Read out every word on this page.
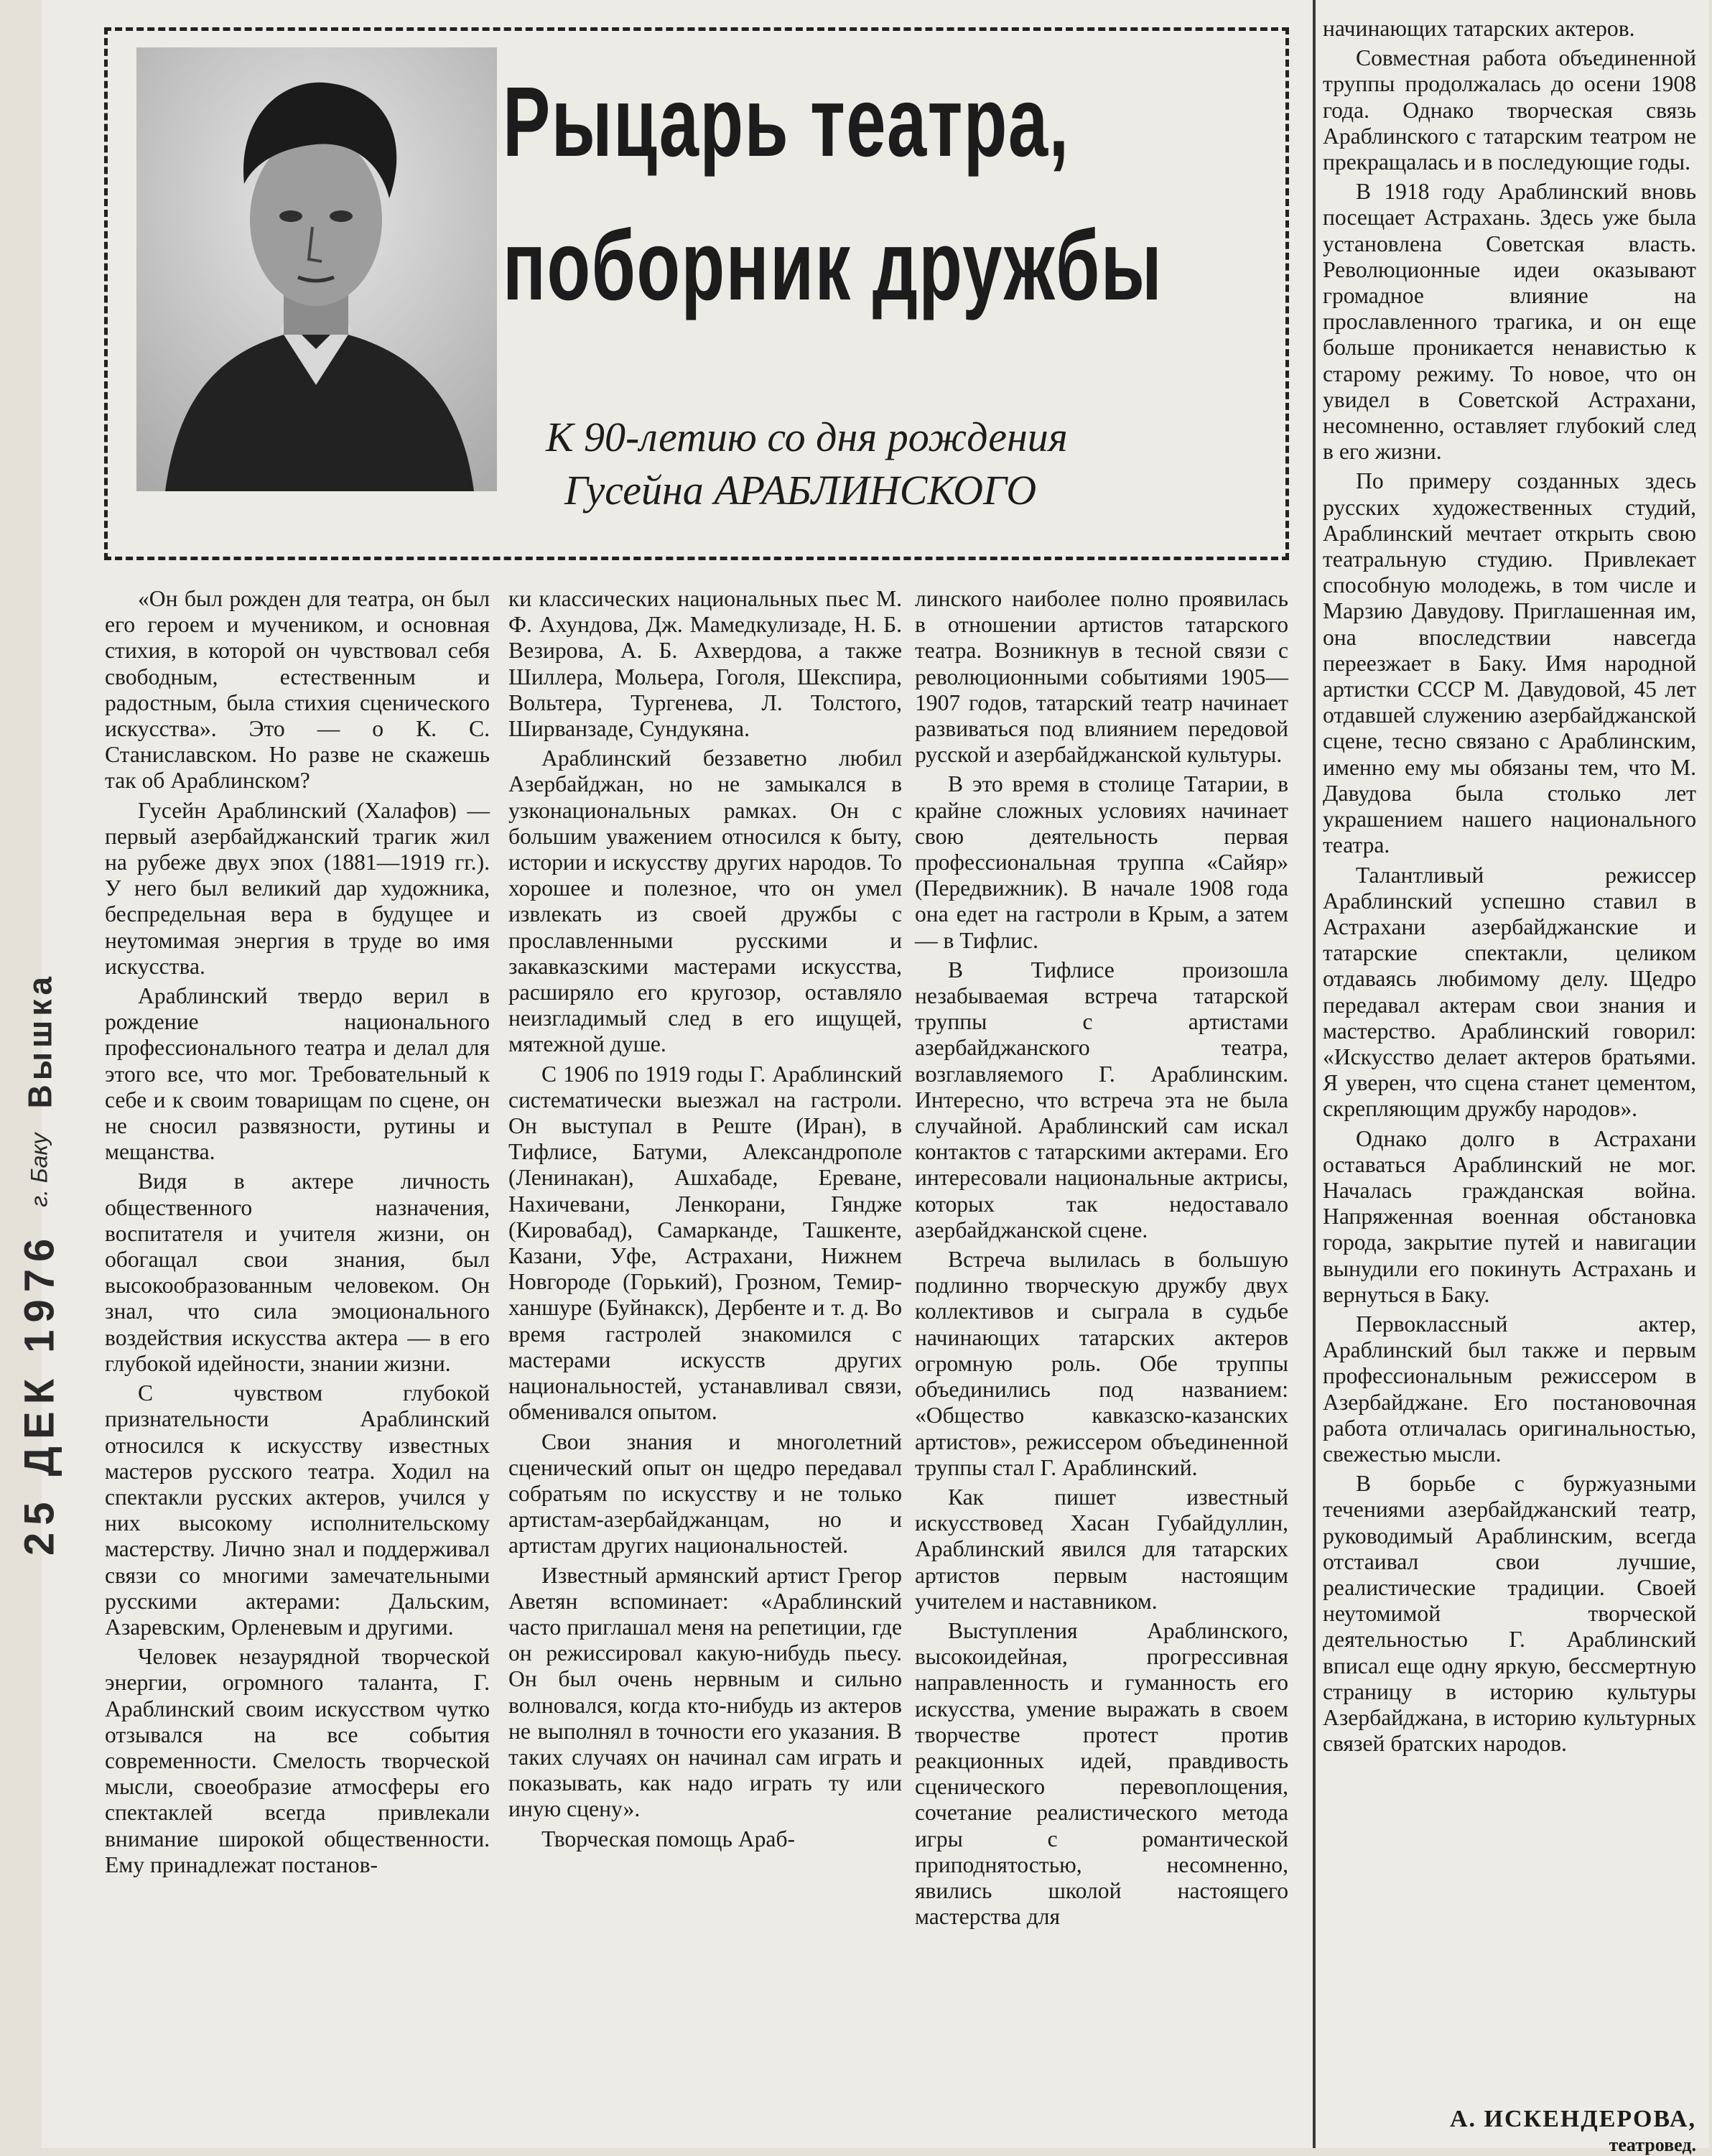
25 ДЕК 1976
г. Баку
Вышка
Рыцарь театра,
поборник дружбы
К 90-летию со дня рождения
Гусейна АРАБЛИНСКОГО

«Он был рожден для театра, он был его героем и мучеником, и основная стихия, в которой он чувствовал себя свободным, естественным и радостным, была стихия сценического искусства». Это — о К. С. Станиславском. Но разве не скажешь так об Араблинском?

Гусейн Араблинский (Халафов) — первый азербайджанский трагик жил на рубеже двух эпох (1881—1919 гг.). У него был великий дар художника, беспредельная вера в будущее и неутомимая энергия в труде во имя искусства.

Араблинский твердо верил в рождение национального профессионального театра и делал для этого все, что мог. Требовательный к себе и к своим товарищам по сцене, он не сносил развязности, рутины и мещанства.

Видя в актере личность общественного назначения, воспитателя и учителя жизни, он обогащал свои знания, был высокообразованным человеком. Он знал, что сила эмоционального воздействия искусства актера — в его глубокой идейности, знании жизни.

С чувством глубокой признательности Араблинский относился к искусству известных мастеров русского театра. Ходил на спектакли русских актеров, учился у них высокому исполнительскому мастерству. Лично знал и поддерживал связи со многими замечательными русскими актерами: Дальским, Азаревским, Орленевым и другими.

Человек незаурядной творческой энергии, огромного таланта, Г. Араблинский своим искусством чутко отзывался на все события современности. Смелость творческой мысли, своеобразие атмосферы его спектаклей всегда привлекали внимание широкой общественности. Ему принадлежат постанов-

ки классических национальных пьес М. Ф. Ахундова, Дж. Мамедкулизаде, Н. Б. Везирова, А. Б. Ахвердова, а также Шиллера, Мольера, Гоголя, Шекспира, Вольтера, Тургенева, Л. Толстого, Ширванзаде, Сундукяна.

Араблинский беззаветно любил Азербайджан, но не замыкался в узконациональных рамках. Он с большим уважением относился к быту, истории и искусству других народов. То хорошее и полезное, что он умел извлекать из своей дружбы с прославленными русскими и закавказскими мастерами искусства, расширяло его кругозор, оставляло неизгладимый след в его ищущей, мятежной душе.

С 1906 по 1919 годы Г. Араблинский систематически выезжал на гастроли. Он выступал в Реште (Иран), в Тифлисе, Батуми, Александрополе (Ленинакан), Ашхабаде, Ереване, Нахичевани, Ленкорани, Гяндже (Кировабад), Самарканде, Ташкенте, Казани, Уфе, Астрахани, Нижнем Новгороде (Горький), Грозном, Темир-ханшуре (Буйнакск), Дербенте и т. д. Во время гастролей знакомился с мастерами искусств других национальностей, устанавливал связи, обменивался опытом.

Свои знания и многолетний сценический опыт он щедро передавал собратьям по искусству и не только артистам-азербайджанцам, но и артистам других национальностей.

Известный армянский артист Грегор Аветян вспоминает: «Араблинский часто приглашал меня на репетиции, где он режиссировал какую-нибудь пьесу. Он был очень нервным и сильно волновался, когда кто-нибудь из актеров не выполнял в точности его указания. В таких случаях он начинал сам играть и показывать, как надо играть ту или иную сцену».

Творческая помощь Араб-

линского наиболее полно проявилась в отношении артистов татарского театра. Возникнув в тесной связи с революционными событиями 1905—1907 годов, татарский театр начинает развиваться под влиянием передовой русской и азербайджанской культуры.

В это время в столице Татарии, в крайне сложных условиях начинает свою деятельность первая профессиональная труппа «Сайяр» (Передвижник). В начале 1908 года она едет на гастроли в Крым, а затем — в Тифлис.

В Тифлисе произошла незабываемая встреча татарской труппы с артистами азербайджанского театра, возглавляемого Г. Араблинским. Интересно, что встреча эта не была случайной. Араблинский сам искал контактов с татарскими актерами. Его интересовали национальные актрисы, которых так недоставало азербайджанской сцене.

Встреча вылилась в большую подлинно творческую дружбу двух коллективов и сыграла в судьбе начинающих татарских актеров огромную роль. Обе труппы объединились под названием: «Общество кавказско-казанских артистов», режиссером объединенной труппы стал Г. Араблинский.

Как пишет известный искусствовед Хасан Губайдуллин, Араблинский явился для татарских артистов первым настоящим учителем и наставником.

Выступления Араблинского, высокоидейная, прогрессивная направленность и гуманность его искусства, умение выражать в своем творчестве протест против реакционных идей, правдивость сценического перевоплощения, сочетание реалистического метода игры с романтической приподнятостью, несомненно, явились школой настоящего мастерства для

начинающих татарских актеров.

Совместная работа объединенной труппы продолжалась до осени 1908 года. Однако творческая связь Араблинского с татарским театром не прекращалась и в последующие годы.

В 1918 году Араблинский вновь посещает Астрахань. Здесь уже была установлена Советская власть. Революционные идеи оказывают громадное влияние на прославленного трагика, и он еще больше проникается ненавистью к старому режиму. То новое, что он увидел в Советской Астрахани, несомненно, оставляет глубокий след в его жизни.

По примеру созданных здесь русских художественных студий, Араблинский мечтает открыть свою театральную студию. Привлекает способную молодежь, в том числе и Марзию Давудову. Приглашенная им, она впоследствии навсегда переезжает в Баку. Имя народной артистки СССР М. Давудовой, 45 лет отдавшей служению азербайджанской сцене, тесно связано с Араблинским, именно ему мы обязаны тем, что М. Давудова была столько лет украшением нашего национального театра.

Талантливый режиссер Араблинский успешно ставил в Астрахани азербайджанские и татарские спектакли, целиком отдаваясь любимому делу. Щедро передавал актерам свои знания и мастерство. Араблинский говорил: «Искусство делает актеров братьями. Я уверен, что сцена станет цементом, скрепляющим дружбу народов».

Однако долго в Астрахани оставаться Араблинский не мог. Началась гражданская война. Напряженная военная обстановка города, закрытие путей и навигации вынудили его покинуть Астрахань и вернуться в Баку.

Первоклассный актер, Араблинский был также и первым профессиональным режиссером в Азербайджане. Его постановочная работа отличалась оригинальностью, свежестью мысли.

В борьбе с буржуазными течениями азербайджанский театр, руководимый Араблинским, всегда отстаивал свои лучшие, реалистические традиции. Своей неутомимой творческой деятельностью Г. Араблинский вписал еще одну яркую, бессмертную страницу в историю культуры Азербайджана, в историю культурных связей братских народов.

А. ИСКЕНДЕРОВА,
театровед.
